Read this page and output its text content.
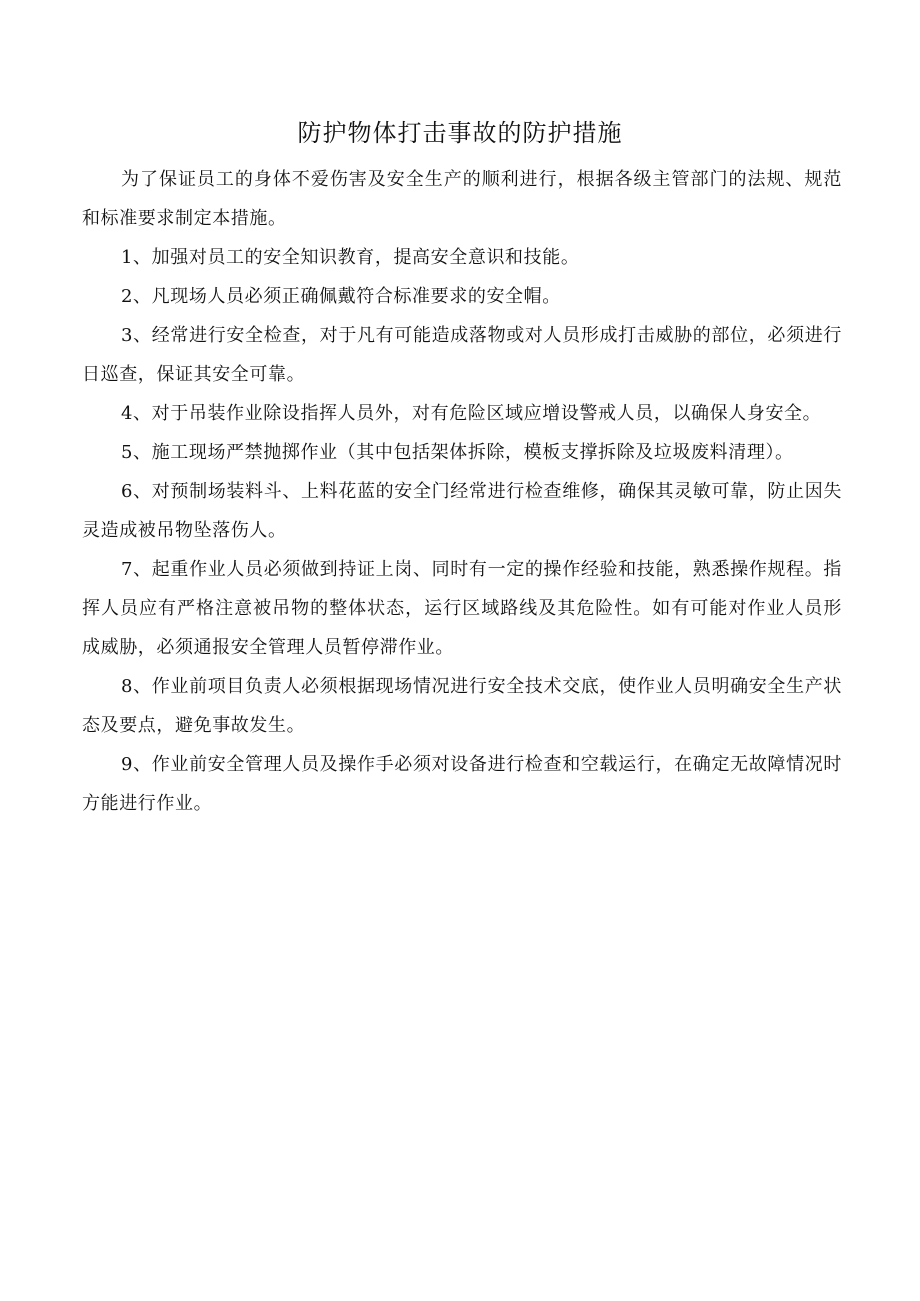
防护物体打击事故的防护措施

为了保证员工的身体不爱伤害及安全生产的顺利进行，根据各级主管部门的法规、规范和标准要求制定本措施。

1、加强对员工的安全知识教育，提高安全意识和技能。

2、凡现场人员必须正确佩戴符合标准要求的安全帽。

3、经常进行安全检查，对于凡有可能造成落物或对人员形成打击威胁的部位，必须进行日巡查，保证其安全可靠。

4、对于吊装作业除设指挥人员外，对有危险区域应增设警戒人员，以确保人身安全。

5、施工现场严禁抛掷作业（其中包括架体拆除，模板支撑拆除及垃圾废料清理）。

6、对预制场装料斗、上料花蓝的安全门经常进行检查维修，确保其灵敏可靠，防止因失灵造成被吊物坠落伤人。

7、起重作业人员必须做到持证上岗、同时有一定的操作经验和技能，熟悉操作规程。指挥人员应有严格注意被吊物的整体状态，运行区域路线及其危险性。如有可能对作业人员形成威胁，必须通报安全管理人员暂停滞作业。

8、作业前项目负责人必须根据现场情况进行安全技术交底，使作业人员明确安全生产状态及要点，避免事故发生。

9、作业前安全管理人员及操作手必须对设备进行检查和空载运行，在确定无故障情况时方能进行作业。
